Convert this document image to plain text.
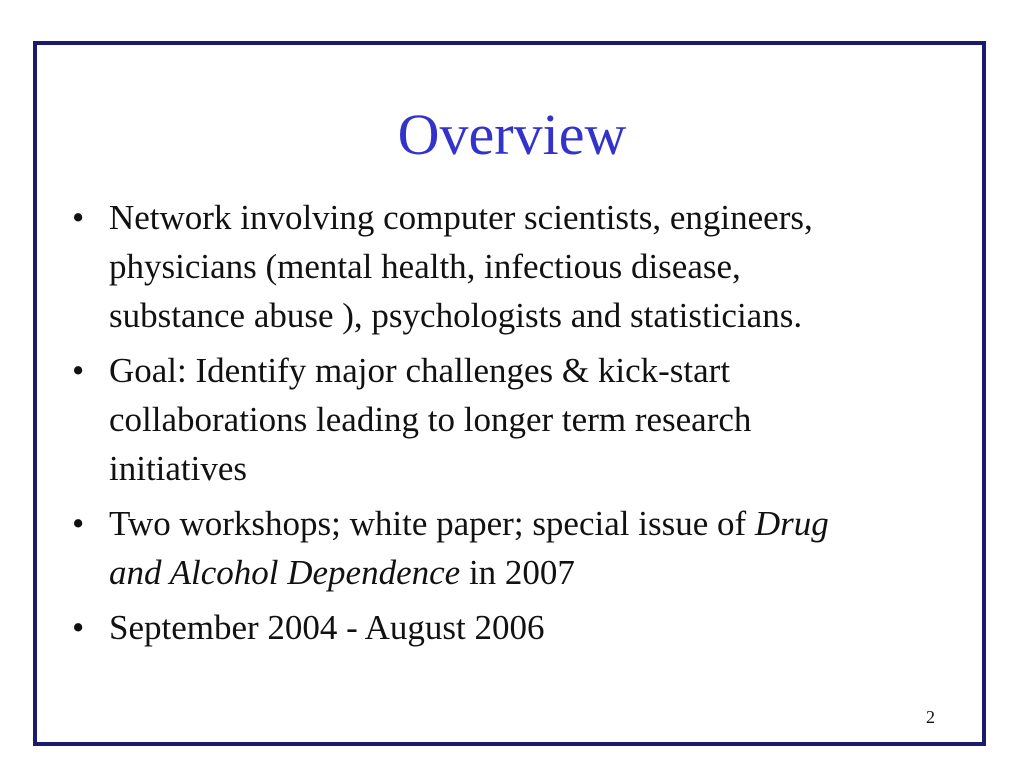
Overview
• Network involving computer scientists, engineers, physicians (mental health, infectious disease, substance abuse ), psychologists and statisticians.
• Goal: Identify major challenges & kick-start collaborations leading to longer term research initiatives
• Two workshops; white paper; special issue of Drug and Alcohol Dependence in 2007
• September 2004 - August 2006
2
